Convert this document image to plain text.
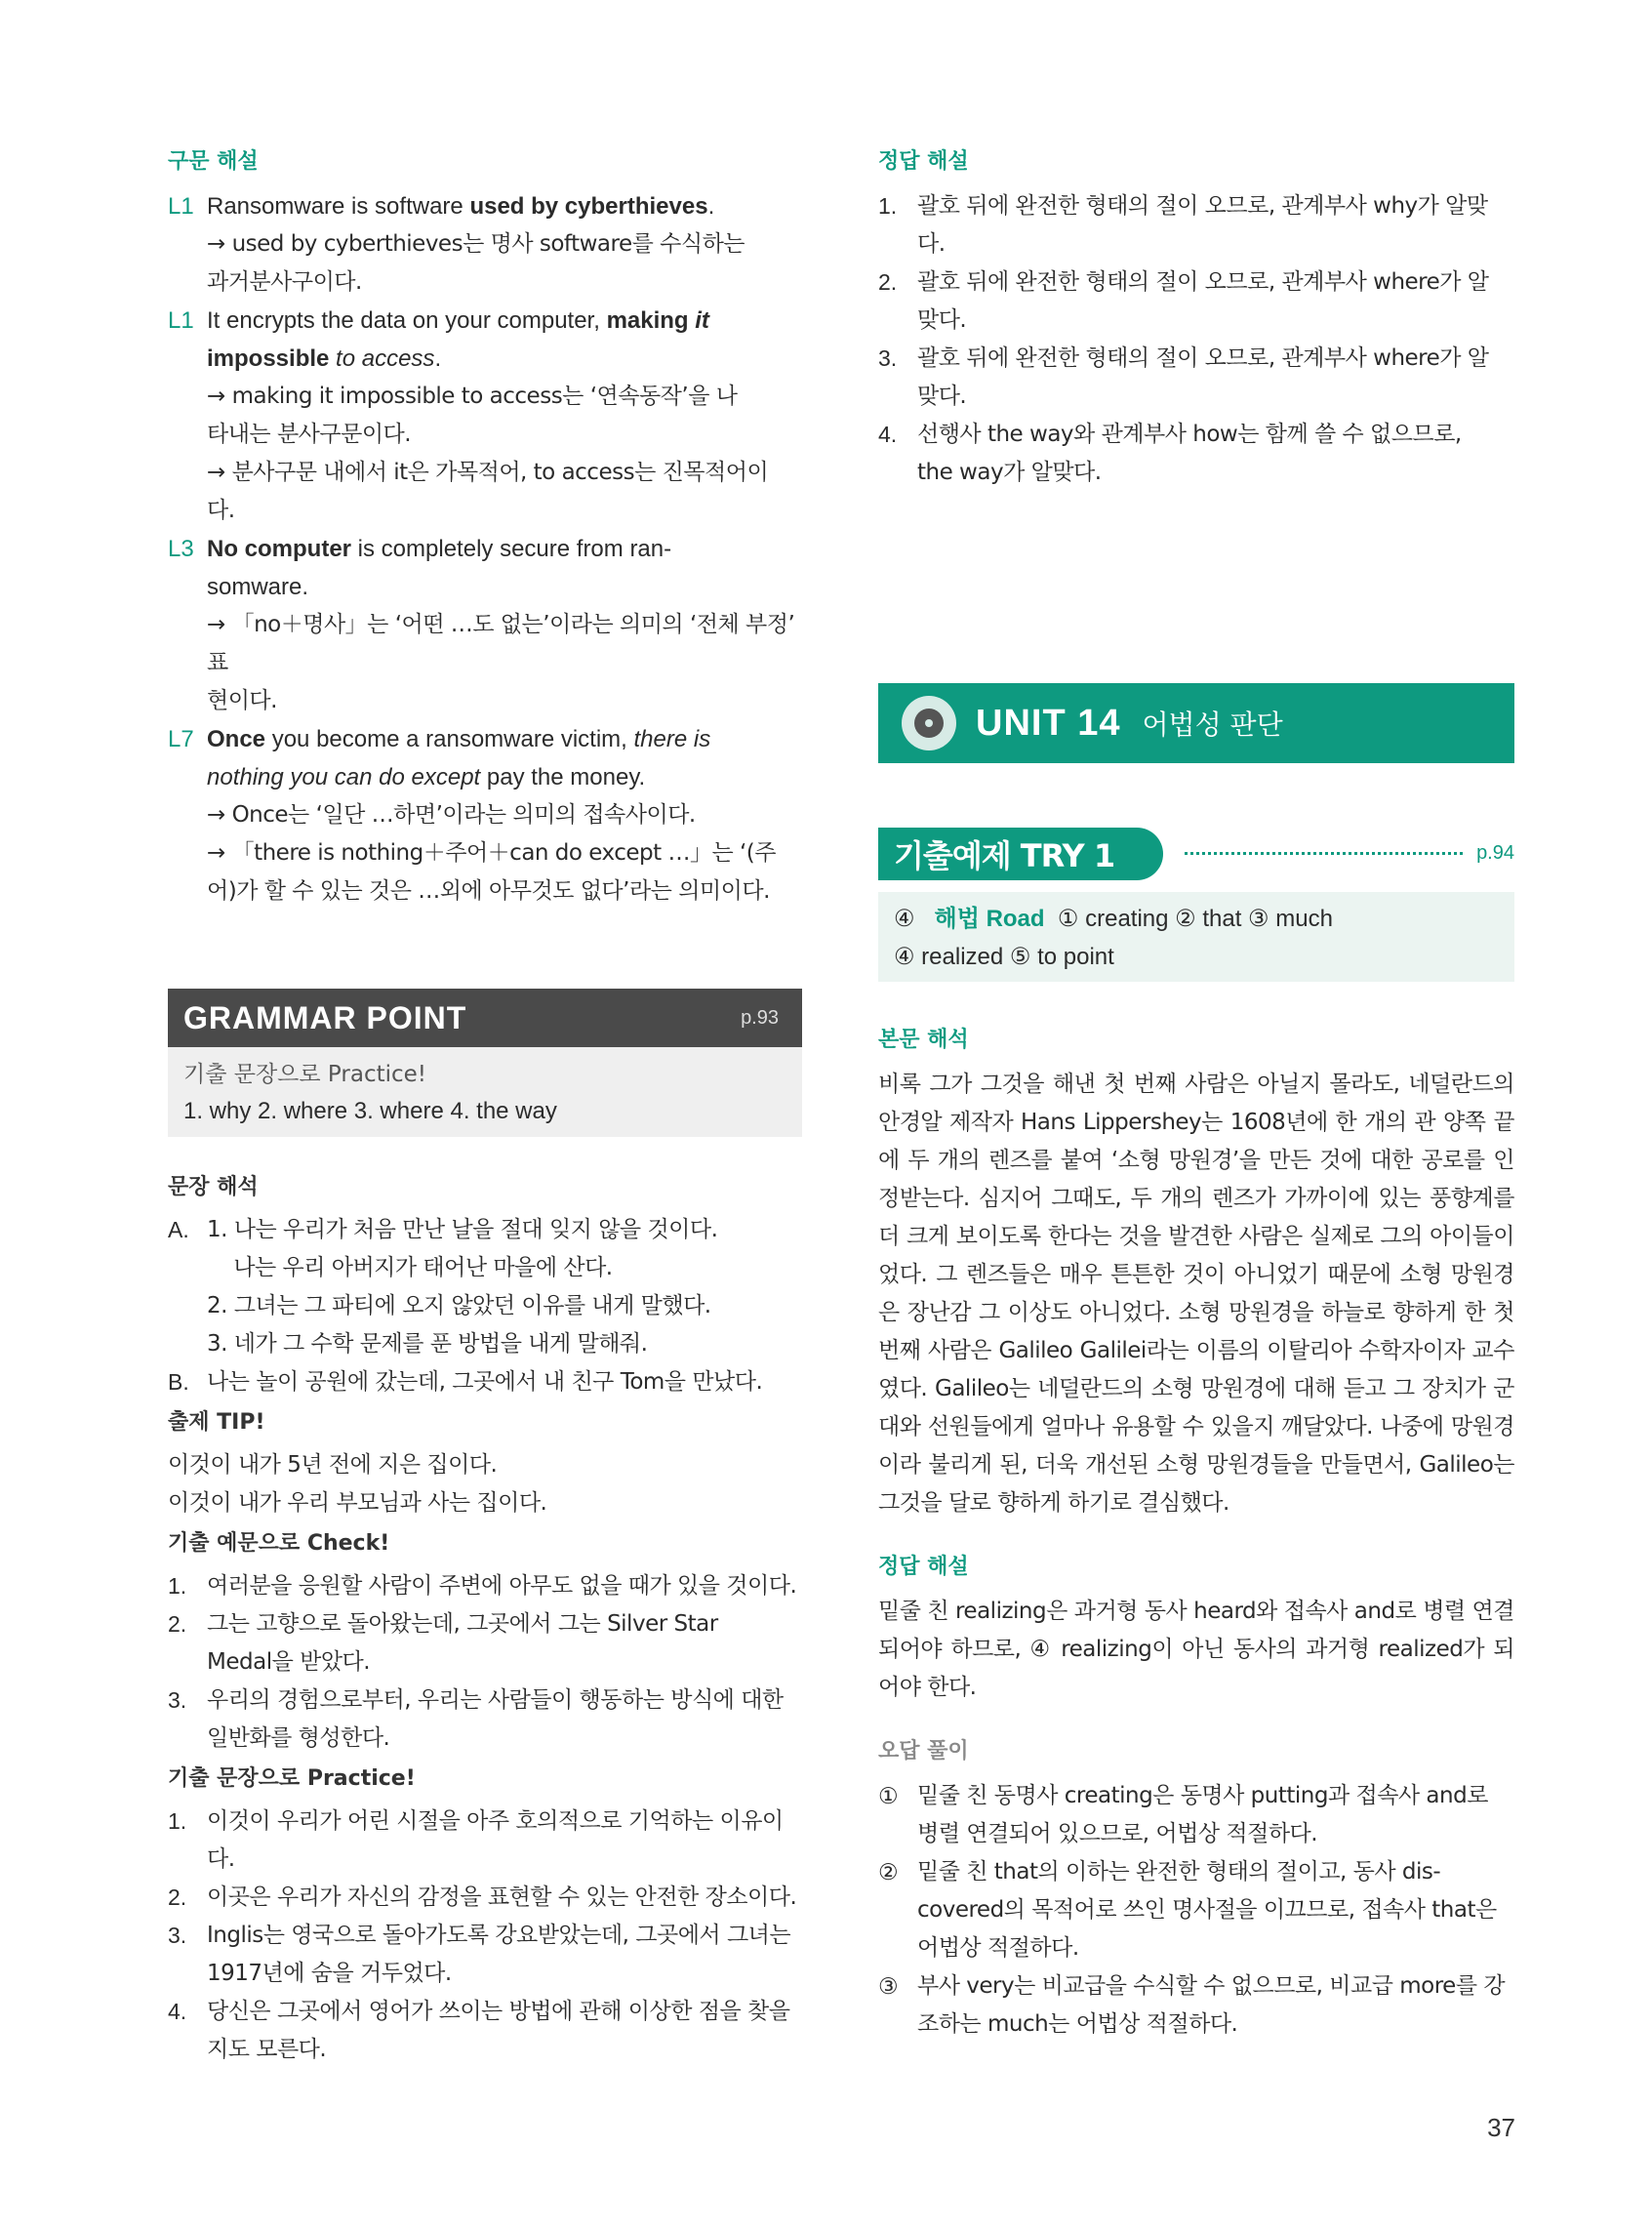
구문 해설
L1 Ransomware is software used by cyberthieves.
→ used by cyberthieves는 명사 software를 수식하는
과거분사구이다.
L1 It encrypts the data on your computer, making it
impossible to access.
→ making it impossible to access는 ‘연속동작’을 나
타내는 분사구문이다.
→ 분사구문 내에서 it은 가목적어, to access는 진목적어이
다.
L3 No computer is completely secure from ran-
somware.
→ 「no＋명사」는 ‘어떤 …도 없는’이라는 의미의 ‘전체 부정’ 표
현이다.
L7 Once you become a ransomware victim, there is
nothing you can do except pay the money.
→ Once는 ‘일단 …하면’이라는 의미의 접속사이다.
→ 「there is nothing＋주어＋can do except …」는 ‘(주
어)가 할 수 있는 것은 …외에 아무것도 없다’라는 의미이다.
GRAMMAR POINT	p.93
기출 문장으로 Practice!
1. why 2. where 3. where 4. the way
문장 해석
A. 1. 나는 우리가 처음 만난 날을 절대 잊지 않을 것이다.
나는 우리 아버지가 태어난 마을에 산다.
2. 그녀는 그 파티에 오지 않았던 이유를 내게 말했다.
3. 네가 그 수학 문제를 푼 방법을 내게 말해줘.
B. 나는 놀이 공원에 갔는데, 그곳에서 내 친구 Tom을 만났다.
출제 TIP!
이것이 내가 5년 전에 지은 집이다.
이것이 내가 우리 부모님과 사는 집이다.
기출 예문으로 Check!
1. 여러분을 응원할 사람이 주변에 아무도 없을 때가 있을 것이다.
2. 그는 고향으로 돌아왔는데, 그곳에서 그는 Silver Star
Medal을 받았다.
3. 우리의 경험으로부터, 우리는 사람들이 행동하는 방식에 대한
일반화를 형성한다.
기출 문장으로 Practice!
1. 이것이 우리가 어린 시절을 아주 호의적으로 기억하는 이유이
다.
2. 이곳은 우리가 자신의 감정을 표현할 수 있는 안전한 장소이다.
3. Inglis는 영국으로 돌아가도록 강요받았는데, 그곳에서 그녀는
1917년에 숨을 거두었다.
4. 당신은 그곳에서 영어가 쓰이는 방법에 관해 이상한 점을 찾을
지도 모른다.
정답 해설
1. 괄호 뒤에 완전한 형태의 절이 오므로, 관계부사 why가 알맞
다.
2. 괄호 뒤에 완전한 형태의 절이 오므로, 관계부사 where가 알
맞다.
3. 괄호 뒤에 완전한 형태의 절이 오므로, 관계부사 where가 알
맞다.
4. 선행사 the way와 관계부사 how는 함께 쓸 수 없으므로,
the way가 알맞다.
UNIT 14 어법성 판단
기출예제 TRY 1	p.94
④ 해법 Road ① creating ② that ③ much
④ realized ⑤ to point
본문 해석
비록 그가 그것을 해낸 첫 번째 사람은 아닐지 몰라도, 네덜란드의 안경알 제작자 Hans Lippershey는 1608년에 한 개의 관 양쪽 끝에 두 개의 렌즈를 붙여 ‘소형 망원경’을 만든 것에 대한 공로를 인정받는다. 심지어 그때도, 두 개의 렌즈가 가까이에 있는 풍향계를 더 크게 보이도록 한다는 것을 발견한 사람은 실제로 그의 아이들이었다. 그 렌즈들은 매우 튼튼한 것이 아니었기 때문에 소형 망원경은 장난감 그 이상도 아니었다. 소형 망원경을 하늘로 향하게 한 첫 번째 사람은 Galileo Galilei라는 이름의 이탈리아 수학자이자 교수였다. Galileo는 네덜란드의 소형 망원경에 대해 듣고 그 장치가 군대와 선원들에게 얼마나 유용할 수 있을지 깨달았다. 나중에 망원경이라 불리게 된, 더욱 개선된 소형 망원경들을 만들면서, Galileo는 그것을 달로 향하게 하기로 결심했다.
정답 해설
밑줄 친 realizing은 과거형 동사 heard와 접속사 and로 병렬 연결되어야 하므로, ④ realizing이 아닌 동사의 과거형 realized가 되어야 한다.
오답 풀이
① 밑줄 친 동명사 creating은 동명사 putting과 접속사 and로
병렬 연결되어 있으므로, 어법상 적절하다.
② 밑줄 친 that의 이하는 완전한 형태의 절이고, 동사 dis-
covered의 목적어로 쓰인 명사절을 이끄므로, 접속사 that은
어법상 적절하다.
③ 부사 very는 비교급을 수식할 수 없으므로, 비교급 more를 강
조하는 much는 어법상 적절하다.
37
